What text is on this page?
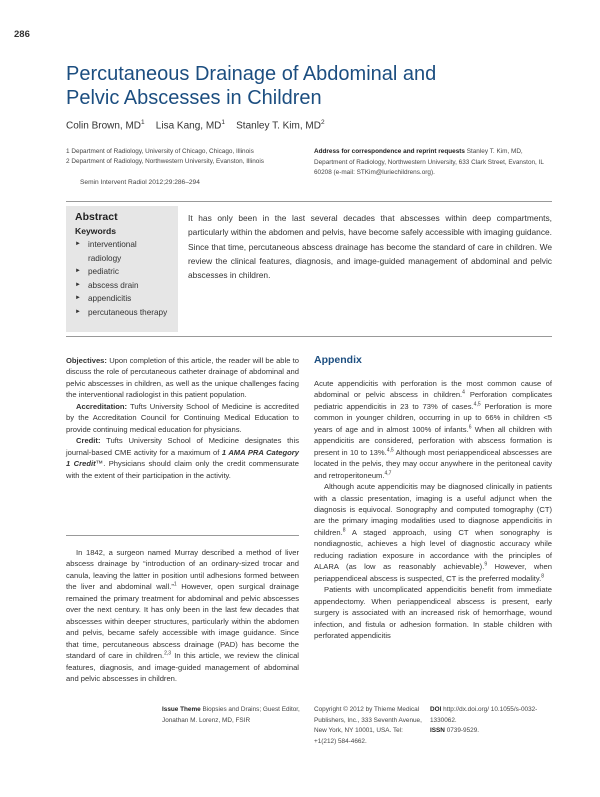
286
Percutaneous Drainage of Abdominal and Pelvic Abscesses in Children
Colin Brown, $MD^1$ Lisa Kang, $MD^1$ Stanley T. Kim, $MD^2$
1 Department of Radiology, University of Chicago, Chicago, Illinois
2 Department of Radiology, Northwestern University, Evanston, Illinois
Address for correspondence and reprint requests Stanley T. Kim, MD, Department of Radiology, Northwestern University, 633 Clark Street, Evanston, IL 60208 (e-mail: STKim@luriechildrens.org).
Semin Intervent Radiol 2012;29:286–294
Abstract
Keywords
► interventional radiology
► pediatric
► abscess drain
► appendicitis
► percutaneous therapy
It has only been in the last several decades that abscesses within deep compartments, particularly within the abdomen and pelvis, have become safely accessible with imaging guidance. Since that time, percutaneous abscess drainage has become the standard of care in children. We review the clinical features, diagnosis, and image-guided management of abdominal and pelvic abscesses in children.

Objectives: Upon completion of this article, the reader will be able to discuss the role of percutaneous catheter drainage of abdominal and pelvic abscesses in children, as well as the unique challenges facing the interventional radiologist in this patient population.

Accreditation: Tufts University School of Medicine is accredited by the Accreditation Council for Continuing Medical Education to provide continuing medical education for physicians.

Credit: Tufts University School of Medicine designates this journal-based CME activity for a maximum of 1 AMA PRA Category 1 Credit™. Physicians should claim only the credit commensurate with the extent of their participation in the activity.

In 1842, a surgeon named Murray described a method of liver abscess drainage by “introduction of an ordinary-sized trocar and canula, leaving the latter in position until adhesions formed between the liver and abdominal wall.”$^1$ However, open surgical drainage remained the primary treatment for abdominal and pelvic abscesses over the next century. It has only been in the last few decades that abscesses within deeper structures, particularly within the abdomen and pelvis, became safely accessible with image guidance. Since that time, percutaneous abscess drainage (PAD) has become the standard of care in children.$^{2,3}$ In this article, we review the clinical features, diagnosis, and image-guided management of abdominal and pelvic abscesses in children.

Appendix

Acute appendicitis with perforation is the most common cause of abdominal or pelvic abscess in children.$^4$ Perforation complicates pediatric appendicitis in 23 to 73% of cases.$^{4,5}$ Perforation is more common in younger children, occurring in up to 66% in children <5 years of age and in almost 100% of infants.$^6$ When all children with appendicitis are considered, perforation with abscess formation is present in 10 to 13%.$^{4,5}$ Although most periappendiceal abscesses are located in the pelvis, they may occur anywhere in the peritoneal cavity and retroperitoneum.$^{4,7}$

Although acute appendicitis may be diagnosed clinically in patients with a classic presentation, imaging is a useful adjunct when the diagnosis is equivocal. Sonography and computed tomography (CT) are the primary imaging modalities used to diagnose appendicitis in children.$^8$ A staged approach, using CT when sonography is nondiagnostic, achieves a high level of diagnostic accuracy while reducing radiation exposure in accordance with the principles of ALARA (as low as reasonably achievable).$^9$ However, when periappendiceal abscess is suspected, CT is the preferred modality.$^8$

Patients with uncomplicated appendicitis benefit from immediate appendectomy. When periappendiceal abscess is present, early surgery is associated with an increased risk of hemorrhage, wound infection, and fistula or adhesion formation. In stable children with perforated appendicitis

Issue Theme Biopsies and Drains; Guest Editor, Jonathan M. Lorenz, MD, FSIR
Copyright © 2012 by Thieme Medical Publishers, Inc., 333 Seventh Avenue, New York, NY 10001, USA. Tel: +1(212) 584-4662.
DOI http://dx.doi.org/ 10.1055/s-0032-1330062.
ISSN 0739-9529.
